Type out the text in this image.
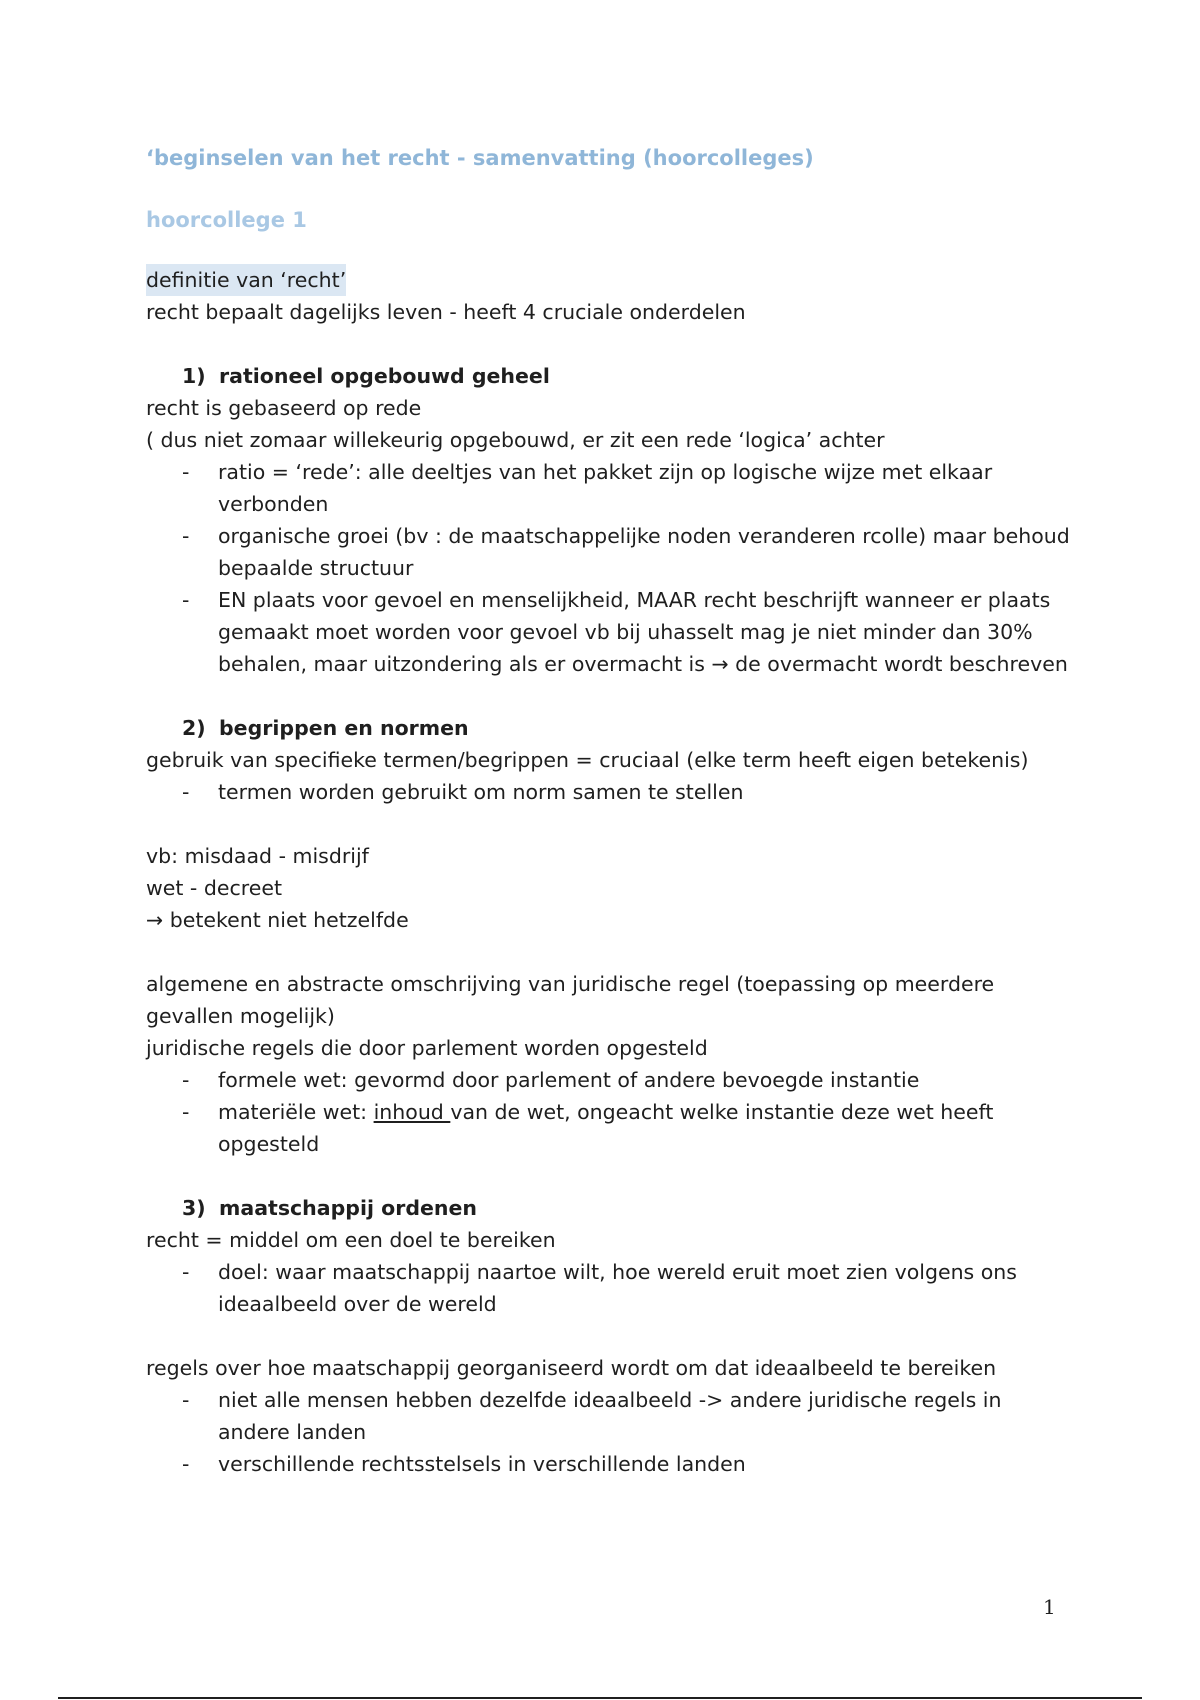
‘beginselen van het recht - samenvatting (hoorcolleges)

hoorcollege 1

definitie van ‘recht’

recht bepaalt dagelijks leven - heeft 4 cruciale onderdelen

1) rationeel opgebouwd geheel

recht is gebaseerd op rede

( dus niet zomaar willekeurig opgebouwd, er zit een rede ‘logica’ achter

- ratio = ‘rede’: alle deeltjes van het pakket zijn op logische wijze met elkaar verbonden
- organische groei (bv : de maatschappelijke noden veranderen rcolle) maar behoud bepaalde structuur
- EN plaats voor gevoel en menselijkheid, MAAR recht beschrijft wanneer er plaats gemaakt moet worden voor gevoel vb bij uhasselt mag je niet minder dan 30% behalen, maar uitzondering als er overmacht is → de overmacht wordt beschreven

2) begrippen en normen

gebruik van specifieke termen/begrippen = cruciaal (elke term heeft eigen betekenis)

- termen worden gebruikt om norm samen te stellen

vb: misdaad - misdrijf

wet - decreet

→ betekent niet hetzelfde

algemene en abstracte omschrijving van juridische regel (toepassing op meerdere gevallen mogelijk)

juridische regels die door parlement worden opgesteld

- formele wet: gevormd door parlement of andere bevoegde instantie
- materiële wet: inhoud van de wet, ongeacht welke instantie deze wet heeft opgesteld

3) maatschappij ordenen

recht = middel om een doel te bereiken

- doel: waar maatschappij naartoe wilt, hoe wereld eruit moet zien volgens ons ideaalbeeld over de wereld

regels over hoe maatschappij georganiseerd wordt om dat ideaalbeeld te bereiken

- niet alle mensen hebben dezelfde ideaalbeeld -> andere juridische regels in andere landen
- verschillende rechtsstelsels in verschillende landen
1
